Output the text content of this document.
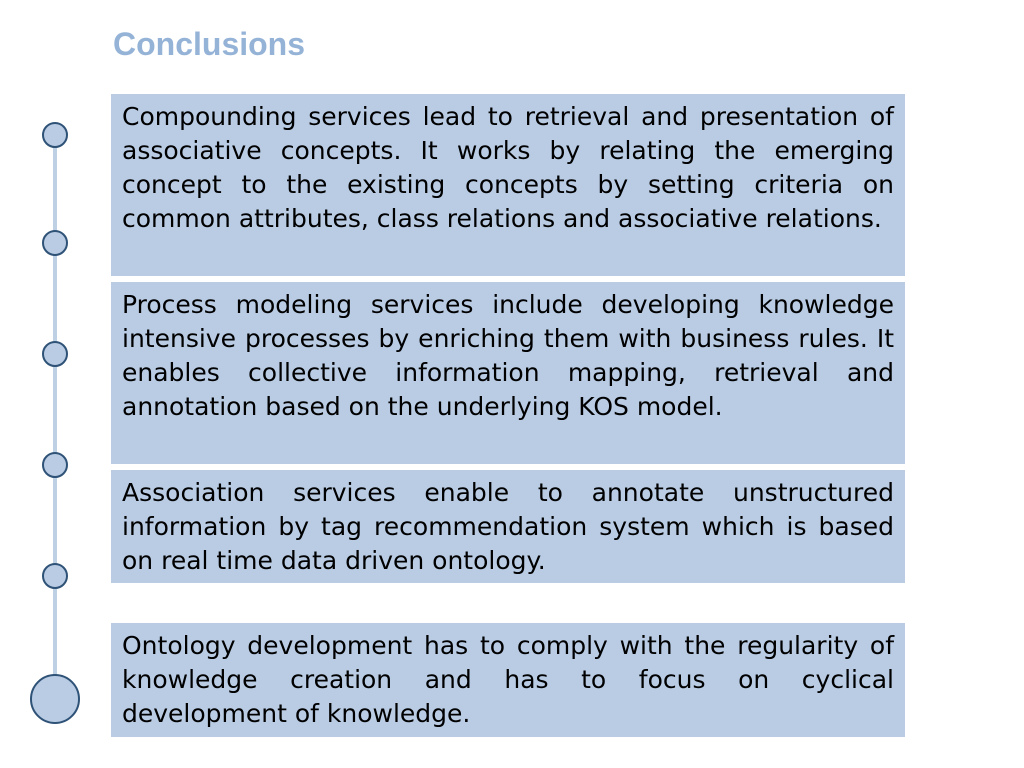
Conclusions

Compounding services lead to retrieval and presentation of associative concepts. It works by relating the emerging concept to the existing concepts by setting criteria on common attributes, class relations and associative relations.

Process modeling services include developing knowledge intensive processes by enriching them with business rules. It enables collective information mapping, retrieval and annotation based on the underlying KOS model.

Association services enable to annotate unstructured information by tag recommendation system which is based on real time data driven ontology.

Ontology development has to comply with the regularity of knowledge creation and has to focus on cyclical development of knowledge.
